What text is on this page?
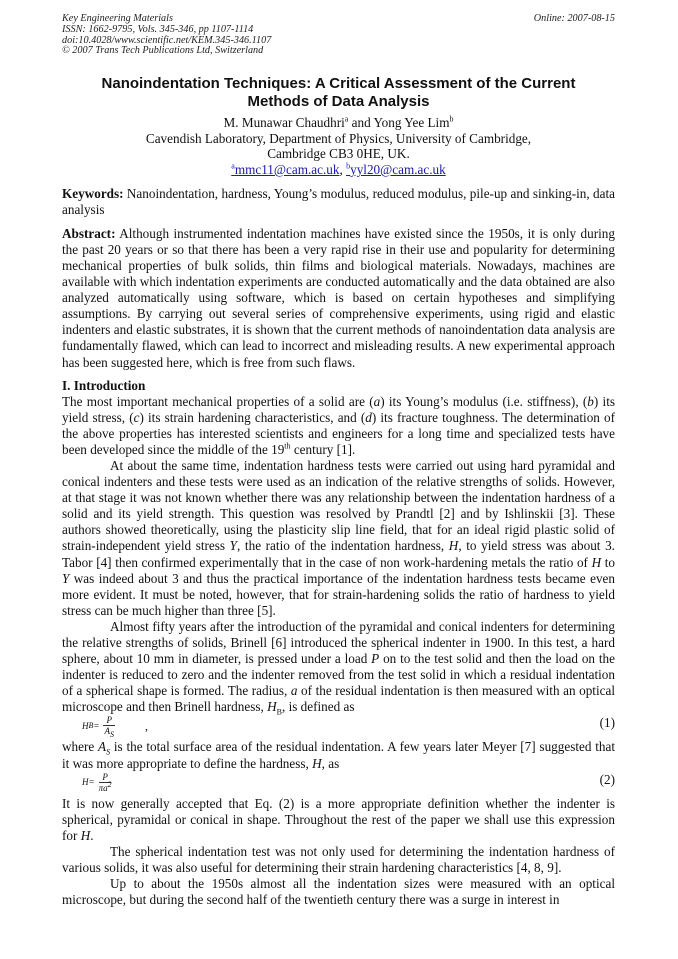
Key Engineering Materials
ISSN: 1662-9795, Vols. 345-346, pp 1107-1114
doi:10.4028/www.scientific.net/KEM.345-346.1107
© 2007 Trans Tech Publications Ltd, Switzerland
Online: 2007-08-15
Nanoindentation Techniques: A Critical Assessment of the Current Methods of Data Analysis
M. Munawar Chaudhri$^a$ and Yong Yee Lim$^b$
Cavendish Laboratory, Department of Physics, University of Cambridge,
Cambridge CB3 0HE, UK.
$^a$mmc11@cam.ac.uk, $^b$yyl20@cam.ac.uk
Keywords: Nanoindentation, hardness, Young’s modulus, reduced modulus, pile-up and sinking-in, data analysis
Abstract: Although instrumented indentation machines have existed since the 1950s, it is only during the past 20 years or so that there has been a very rapid rise in their use and popularity for determining mechanical properties of bulk solids, thin films and biological materials. Nowadays, machines are available with which indentation experiments are conducted automatically and the data obtained are also analyzed automatically using software, which is based on certain hypotheses and simplifying assumptions. By carrying out several series of comprehensive experiments, using rigid and elastic indenters and elastic substrates, it is shown that the current methods of nanoindentation data analysis are fundamentally flawed, which can lead to incorrect and misleading results. A new experimental approach has been suggested here, which is free from such flaws.
I. Introduction
The most important mechanical properties of a solid are (a) its Young’s modulus (i.e. stiffness), (b) its yield stress, (c) its strain hardening characteristics, and (d) its fracture toughness. The determination of the above properties has interested scientists and engineers for a long time and specialized tests have been developed since the middle of the 19th century [1].
At about the same time, indentation hardness tests were carried out using hard pyramidal and conical indenters and these tests were used as an indication of the relative strengths of solids. However, at that stage it was not known whether there was any relationship between the indentation hardness of a solid and its yield strength. This question was resolved by Prandtl [2] and by Ishlinskii [3]. These authors showed theoretically, using the plasticity slip line field, that for an ideal rigid plastic solid of strain-independent yield stress Y, the ratio of the indentation hardness, H, to yield stress was about 3. Tabor [4] then confirmed experimentally that in the case of non work-hardening metals the ratio of H to Y was indeed about 3 and thus the practical importance of the indentation hardness tests became even more evident. It must be noted, however, that for strain-hardening solids the ratio of hardness to yield stress can be much higher than three [5].
Almost fifty years after the introduction of the pyramidal and conical indenters for determining the relative strengths of solids, Brinell [6] introduced the spherical indenter in 1900. In this test, a hard sphere, about 10 mm in diameter, is pressed under a load P on to the test solid and then the load on the indenter is reduced to zero and the indenter removed from the test solid in which a residual indentation of a spherical shape is formed. The radius, a of the residual indentation is then measured with an optical microscope and then Brinell hardness, $H_B$, is defined as
H $B = \frac{P}{A_S}$	,	(1)
where $A_S$ is the total surface area of the residual indentation. A few years later Meyer [7] suggested that it was more appropriate to define the hardness, H, as
$H = \frac{P}{\pi a^2}$	(2)
It is now generally accepted that Eq. (2) is a more appropriate definition whether the indenter is spherical, pyramidal or conical in shape. Throughout the rest of the paper we shall use this expression for H.
The spherical indentation test was not only used for determining the indentation hardness of various solids, it was also useful for determining their strain hardening characteristics [4, 8, 9].
Up to about the 1950s almost all the indentation sizes were measured with an optical microscope, but during the second half of the twentieth century there was a surge in interest in
